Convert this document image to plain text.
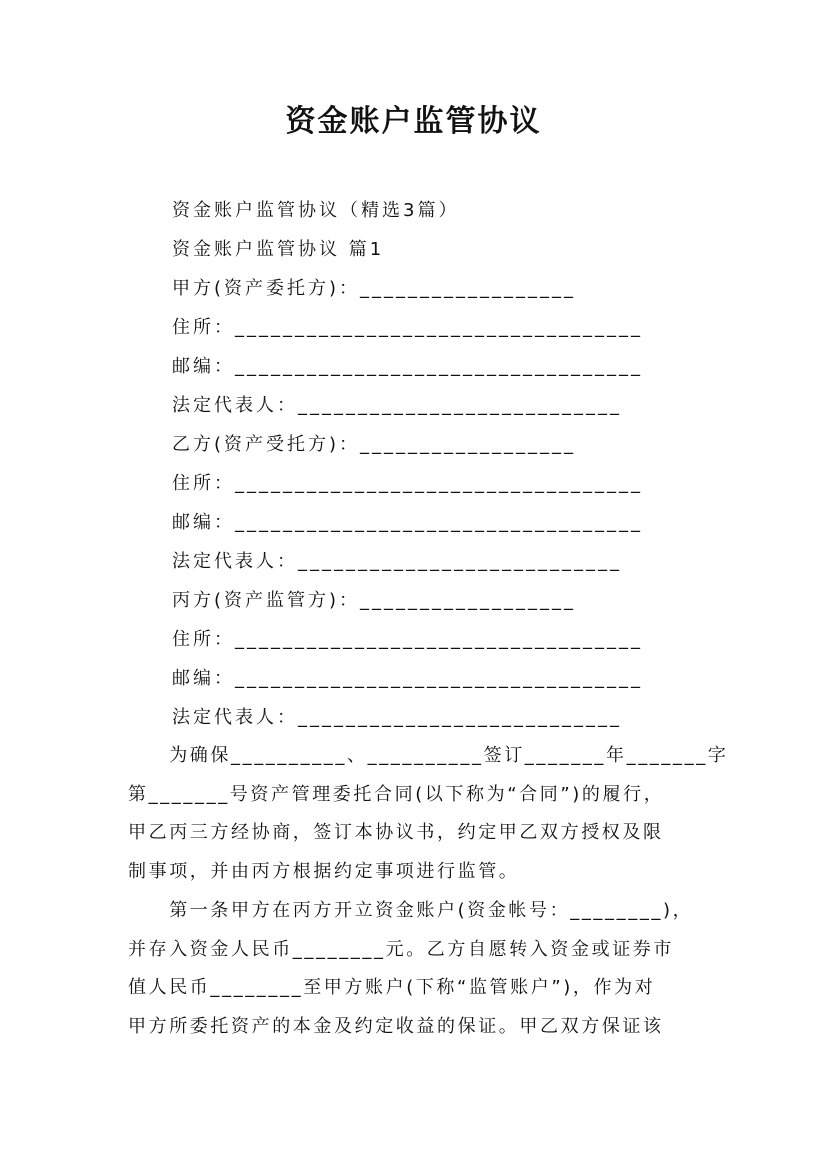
资金账户监管协议
资金账户监管协议（精选3篇）
资金账户监管协议 篇1
甲方(资产委托方)：__________________
住所：__________________________________
邮编：__________________________________
法定代表人：___________________________
乙方(资产受托方)：__________________
住所：__________________________________
邮编：__________________________________
法定代表人：___________________________
丙方(资产监管方)：__________________
住所：__________________________________
邮编：__________________________________
法定代表人：___________________________
　　为确保__________、__________签订_______年_______字
第_______号资产管理委托合同(以下称为“合同”)的履行，
甲乙丙三方经协商，签订本协议书，约定甲乙双方授权及限
制事项，并由丙方根据约定事项进行监管。
　　第一条甲方在丙方开立资金账户(资金帐号：________)，
并存入资金人民币________元。乙方自愿转入资金或证券市
值人民币________至甲方账户(下称“监管账户”)，作为对
甲方所委托资产的本金及约定收益的保证。甲乙双方保证该
